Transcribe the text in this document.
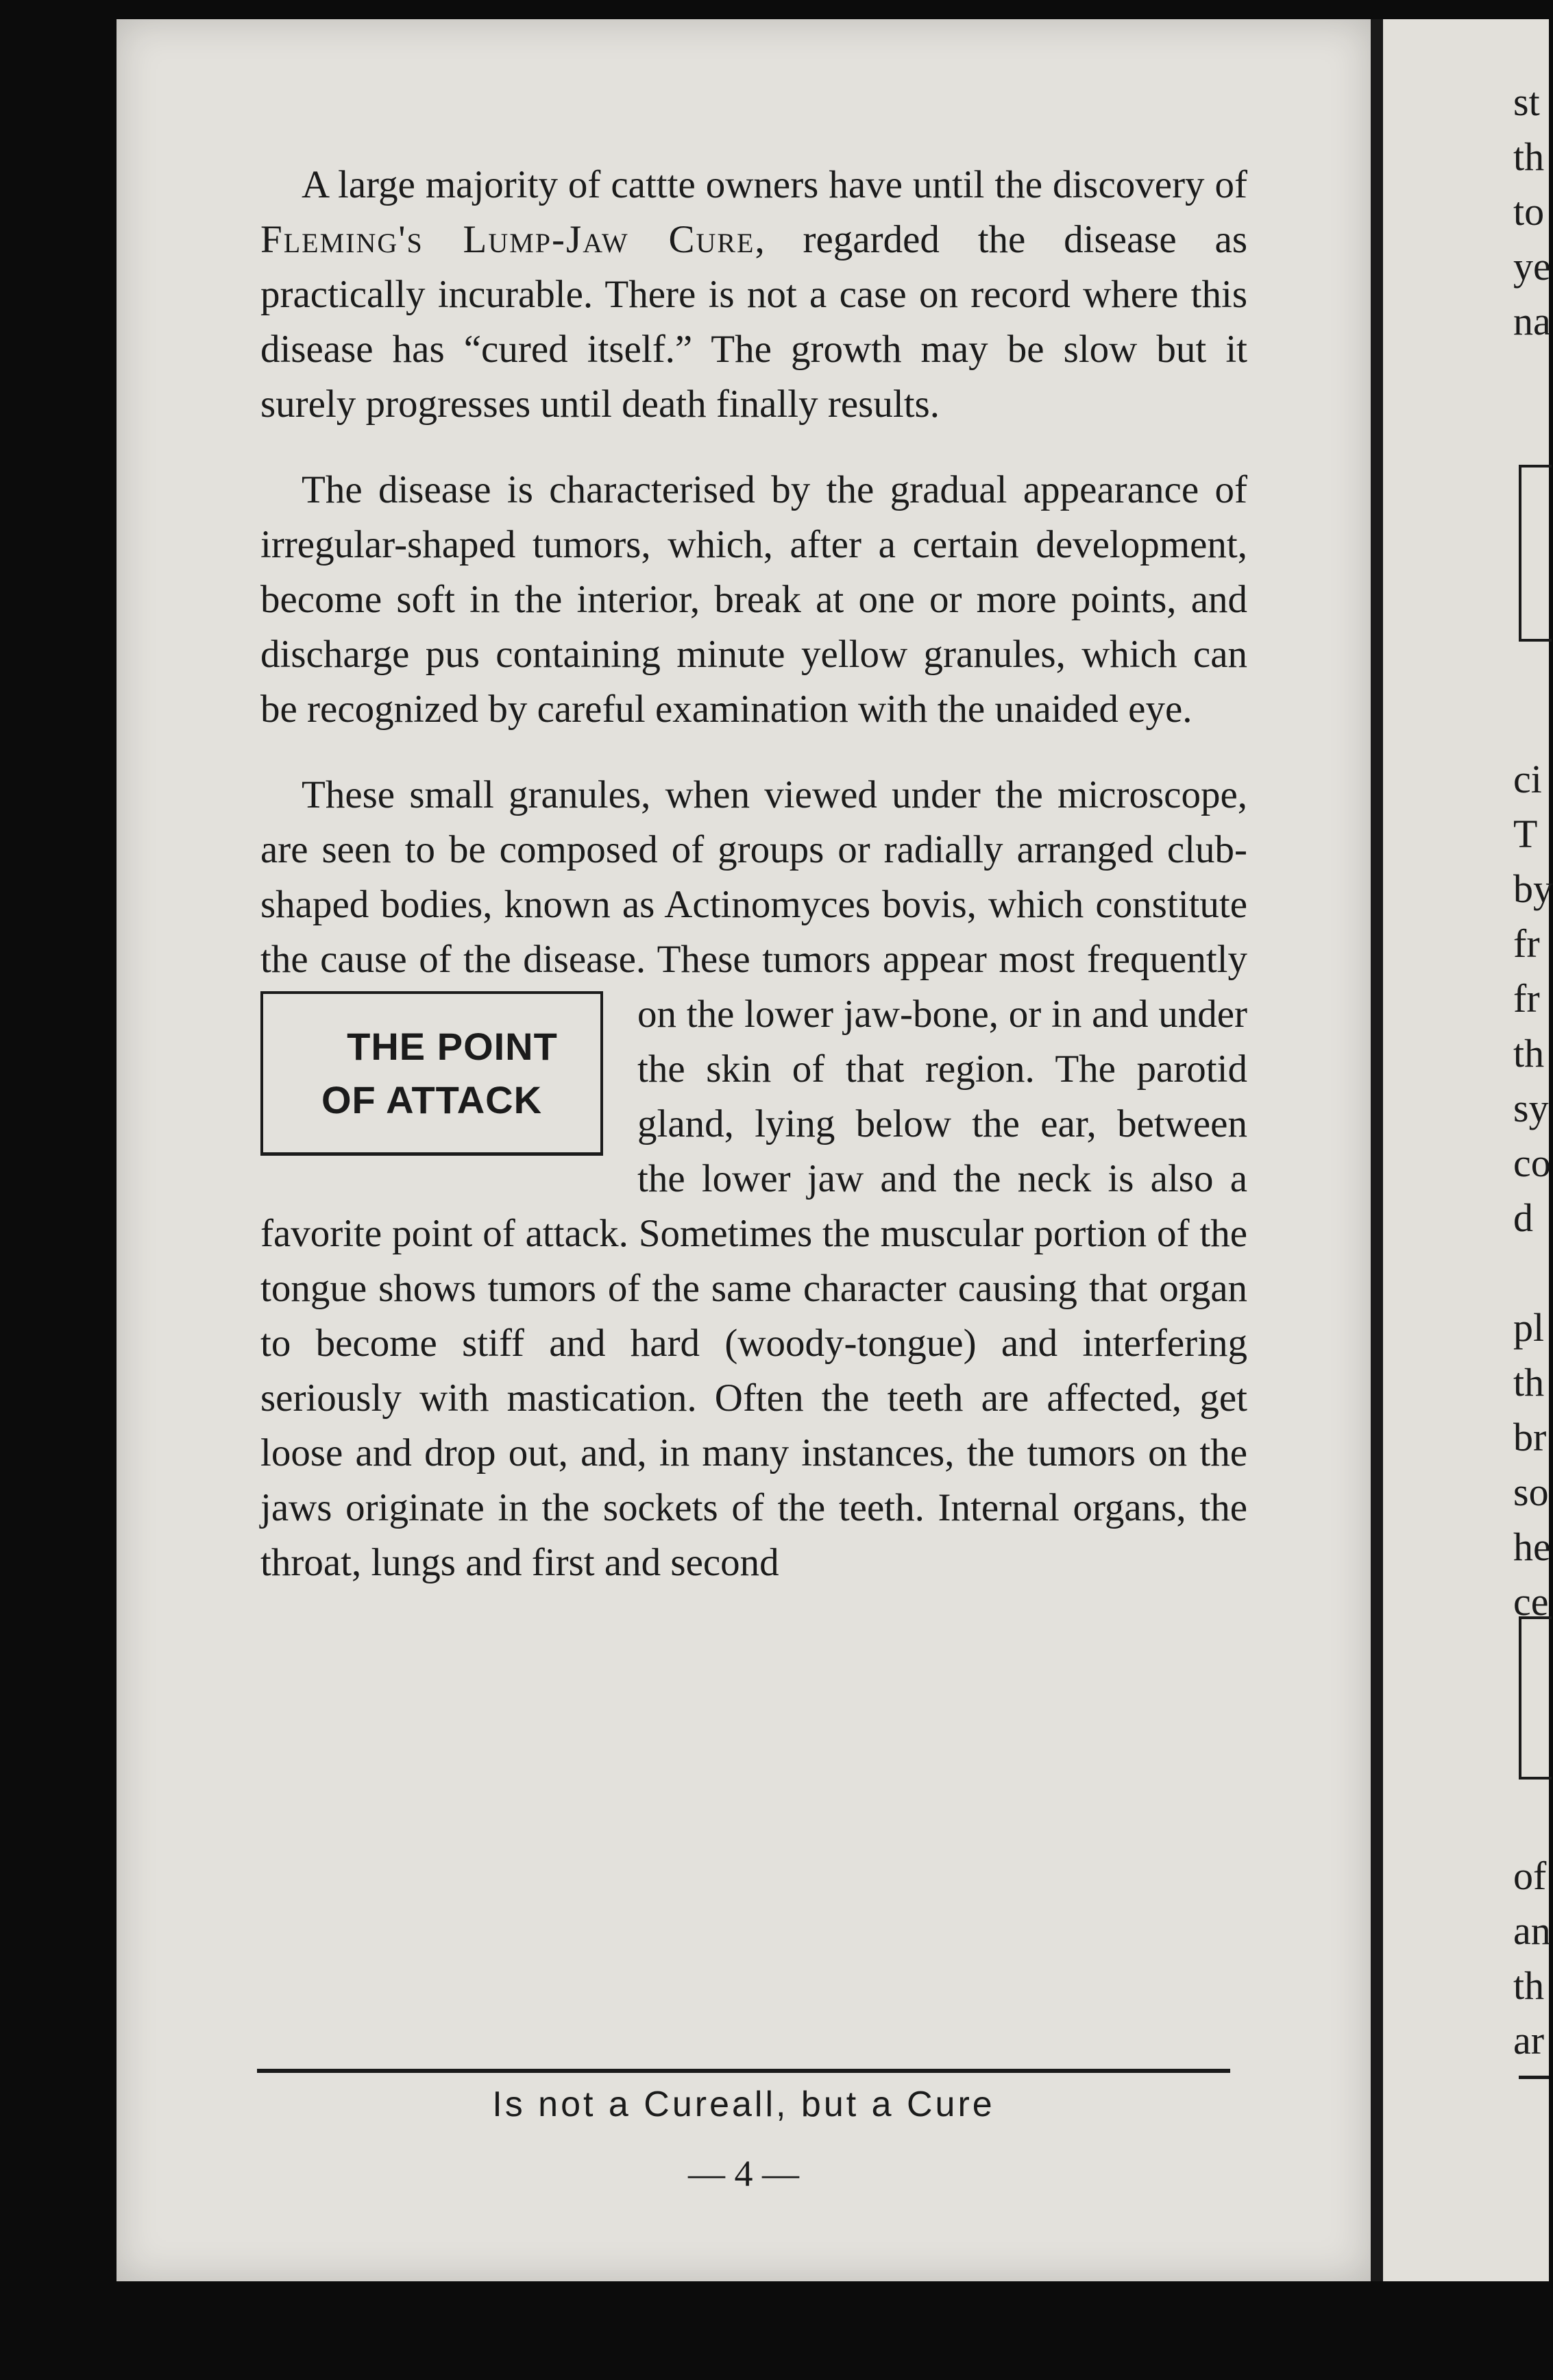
st
th
to
ye
na
ci
T
by
fr
fr
th
sy
co
d
pl
th
br
so
he
ce
of
an
th
ar

A large majority of cattte owners have until the discovery of Fleming's Lump-Jaw Cure, regarded the disease as practically incurable. There is not a case on record where this disease has “cured itself.” The growth may be slow but it surely progresses until death finally results.

The disease is characterised by the gradual appearance of irregular-shaped tumors, which, after a certain development, become soft in the interior, break at one or more points, and discharge pus containing minute yellow granules, which can be recognized by careful examination with the unaided eye.

These small granules, when viewed under the microscope, are seen to be composed of groups or radially arranged club-shaped bodies, known as Actinomyces bovis, which constitute the cause of the disease. These tumors appear
THE POINT
OF ATTACK
most frequently on the lower jaw-bone, or in and under the skin of that region. The parotid gland, lying below the ear, between the lower jaw and the neck is also a favorite point of attack. Sometimes the muscular portion of the tongue shows tumors of the same character causing that organ to become stiff and hard (woody-tongue) and interfering seriously with mastication. Often the teeth are affected, get loose and drop out, and, in many instances, the tumors on the jaws originate in the sockets of the teeth. Internal organs, the throat, lungs and first and second

Is not a Cureall, but a Cure
— 4 —
